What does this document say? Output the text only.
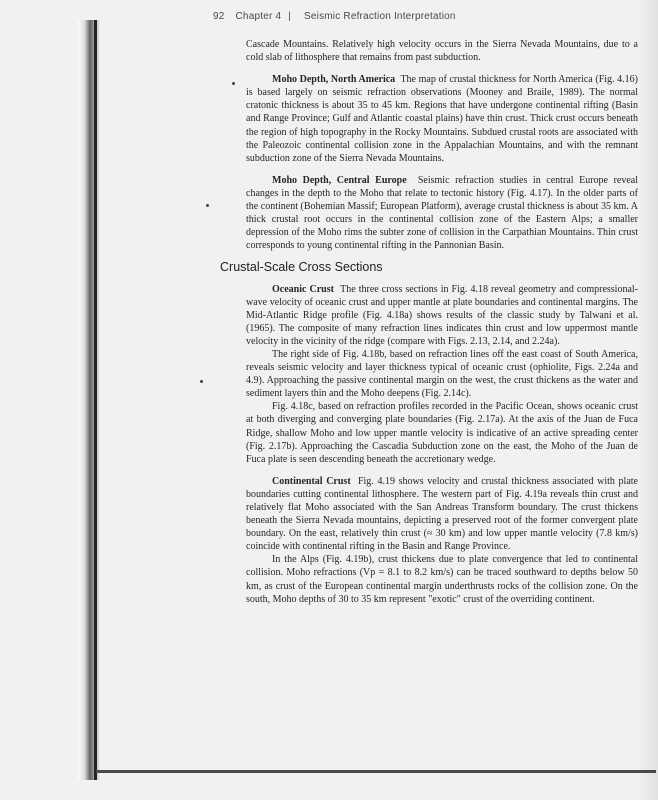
92 Chapter 4 | Seismic Refraction Interpretation

Cascade Mountains. Relatively high velocity occurs in the Sierra Nevada Mountains, due to a cold slab of lithosphere that remains from past subduction.

Moho Depth, North America The map of crustal thickness for North America (Fig. 4.16) is based largely on seismic refraction observations (Mooney and Braile, 1989). The normal cratonic thickness is about 35 to 45 km. Regions that have undergone continental rifting (Basin and Range Province; Gulf and Atlantic coastal plains) have thin crust. Thick crust occurs beneath the region of high topography in the Rocky Mountains. Subdued crustal roots are associated with the Paleozoic continental collision zone in the Appalachian Mountains, and with the remnant subduction zone of the Sierra Nevada Mountains.

Moho Depth, Central Europe Seismic refraction studies in central Europe reveal changes in the depth to the Moho that relate to tectonic history (Fig. 4.17). In the older parts of the continent (Bohemian Massif; European Platform), average crustal thickness is about 35 km. A thick crustal root occurs in the continental collision zone of the Eastern Alps; a smaller depression of the Moho rims the subter zone of collision in the Carpathian Mountains. Thin crust corresponds to young continental rifting in the Pannonian Basin.

Crustal-Scale Cross Sections

Oceanic Crust The three cross sections in Fig. 4.18 reveal geometry and compressional-wave velocity of oceanic crust and upper mantle at plate boundaries and continental margins. The Mid-Atlantic Ridge profile (Fig. 4.18a) shows results of the classic study by Talwani et al. (1965). The composite of many refraction lines indicates thin crust and low uppermost mantle velocity in the vicinity of the ridge (compare with Figs. 2.13, 2.14, and 2.24a).

The right side of Fig. 4.18b, based on refraction lines off the east coast of South America, reveals seismic velocity and layer thickness typical of oceanic crust (ophiolite, Figs. 2.24a and 4.9). Approaching the passive continental margin on the west, the crust thickens as the water and sediment layers thin and the Moho deepens (Fig. 2.14c).

Fig. 4.18c, based on refraction profiles recorded in the Pacific Ocean, shows oceanic crust at both diverging and converging plate boundaries (Fig. 2.17a). At the axis of the Juan de Fuca Ridge, shallow Moho and low upper mantle velocity is indicative of an active spreading center (Fig. 2.17b). Approaching the Cascadia Subduction zone on the east, the Moho of the Juan de Fuca plate is seen descending beneath the accretionary wedge.

Continental Crust Fig. 4.19 shows velocity and crustal thickness associated with plate boundaries cutting continental lithosphere. The western part of Fig. 4.19a reveals thin crust and relatively flat Moho associated with the San Andreas Transform boundary. The crust thickens beneath the Sierra Nevada mountains, depicting a preserved root of the former convergent plate boundary. On the east, relatively thin crust (≈ 30 km) and low upper mantle velocity (7.8 km/s) coincide with continental rifting in the Basin and Range Province.

In the Alps (Fig. 4.19b), crust thickens due to plate convergence that led to continental collision. Moho refractions (Vp = 8.1 to 8.2 km/s) can be traced southward to depths below 50 km, as crust of the European continental margin underthrusts rocks of the collision zone. On the south, Moho depths of 30 to 35 km represent "exotic" crust of the overriding continent.
